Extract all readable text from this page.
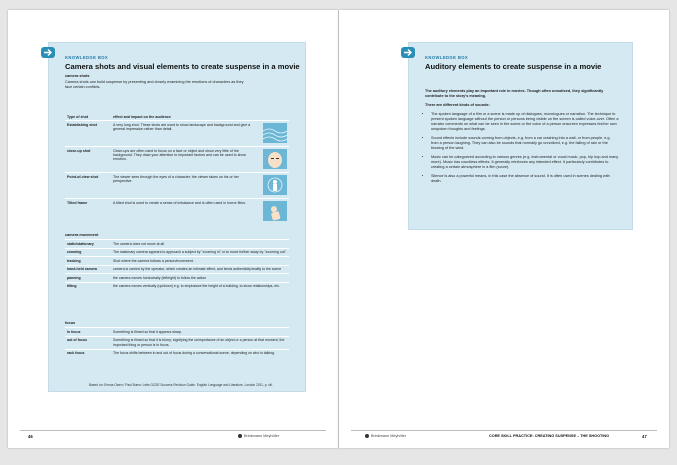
KNOWLEDGE BOX
Camera shots and visual elements to create suspense in a movie
camera shots
Camera shots can build suspense by presenting and closely examining the emotions of characters as they face certain conflicts.
Type of shot	effect and impact on the audience	
Establishing shot	A very long shot. These shots are used to show landscape and background and give a general impression rather than detail.	

close-up shot	Close-ups are often used to focus on a face or object and show very little of the background. They draw your attention to important factors and can be used to show emotion.	

Point-of-view shot	The viewer sees through the eyes of a character; the viewer takes on his or her perspective.	

Tilted frame	A tilted shot is used to create a sense of imbalance and is often used in horror films.	
camera movement
static/stationary	The camera does not move at all.
zooming	The stationary camera appears to approach a subject by "zooming in" or to move further away by "zooming out".
tracking	Shot where the camera follows a person/movement.
hand-held camera	camera is carried by the operator, which creates an intimate effect, and lends authenticity/reality to the scene
panning	the camera moves horizontally (left/right) to follow the action
tilting	the camera moves vertically (up/down) e.g. to emphasize the height of a building, to show relationships, etc.
focus
in focus	Something is filmed so that it appears sharp.
out of focus	Something is filmed so that it is blurry; signifying the unimportance of an object or a person at that moment, the important thing or person is in focus.
rack focus	The focus shifts between in and out of focus during a conversational scene, depending on who is talking.
Based on: Emma Owen / Paul Burns: Letts GCSE Success Revision Guide. English Language and Literature, London 2011, p. xiii.
46	Brinkmann Meyhöfer
KNOWLEDGE BOX
Auditory elements to create suspense in a movie

The auditory elements play an important role in movies. Though often unnoticed, they significantly contribute to the story's meaning.

There are different kinds of sounds:

• The spoken language of a film or a scene is made up of dialogues, monologues or narration. The technique to present spoken language without the person or persons being visible on the screen is called voice-over. Often a narrator comments on what can be seen in the scene or the voice of a person onscreen expresses his/her own unspoken thoughts and feelings.
• Sound effects include sounds coming from objects, e.g. from a car crashing into a wall, or from people, e.g. from a person laughing. They can also be sounds that normally go unnoticed, e.g. the falling of rain or the blowing of the wind.
• Music can be categorized according to various genres (e.g. instrumental or vocal music, pop, hip hop and many more). Music has countless effects. It generally reinforces any intended effect. It particularly contributes to creating a certain atmosphere in a film (score).
• Silence is also a powerful means, in this case the absence of sound. It is often used in scenes dealing with death.
Brinkmann Meyhöfer	CORE SKILL PRACTICE: CREATING SUSPENSE – THE SHOOTING	47
